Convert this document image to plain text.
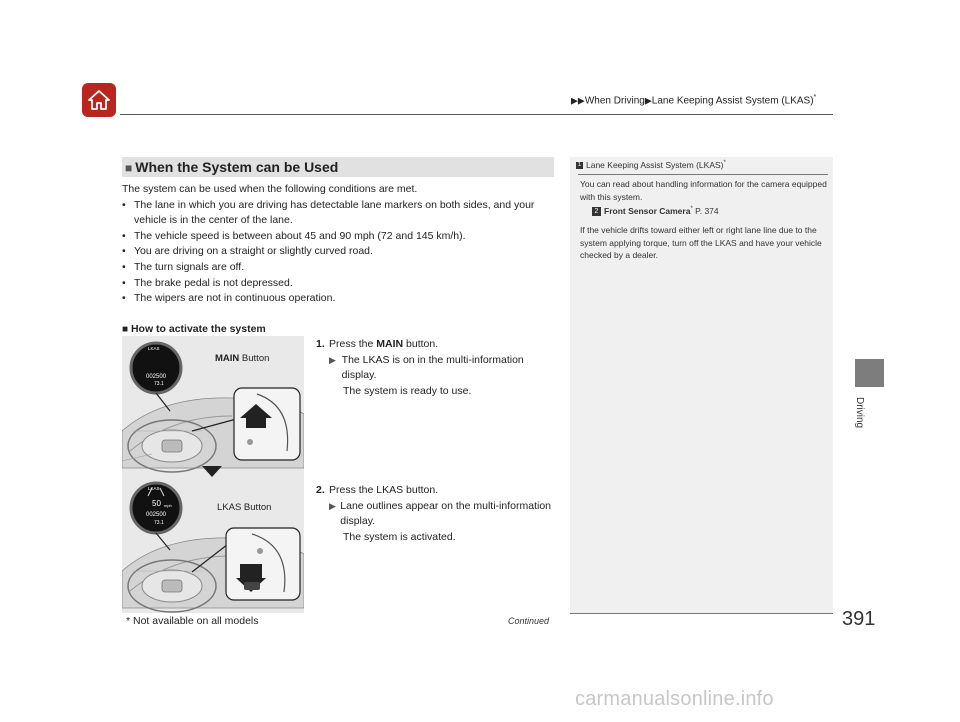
▶▶When Driving▶Lane Keeping Assist System (LKAS)*
Driving
■ When the System can be Used
The system can be used when the following conditions are met.
• The lane in which you are driving has detectable lane markers on both sides, and your vehicle is in the center of the lane.
• The vehicle speed is between about 45 and 90 mph (72 and 145 km/h).
• You are driving on a straight or slightly curved road.
• The turn signals are off.
• The brake pedal is not depressed.
• The wipers are not in continuous operation.
■ How to activate the system
LKAS
002500
73.1
LKAS
50 mph
002500
73.1
MAIN Button
LKAS Button
1. Press the MAIN button.
▶ The LKAS is on in the multi-information display.
The system is ready to use.
2. Press the LKAS button.
▶ Lane outlines appear on the multi-information display.
The system is activated.
1 Lane Keeping Assist System (LKAS)*

You can read about handling information for the camera equipped with this system.
2 Front Sensor Camera* P. 374

If the vehicle drifts toward either left or right lane line due to the system applying torque, turn off the LKAS and have your vehicle checked by a dealer.

* Not available on all models	Continued	391
carmanualsonline.info
